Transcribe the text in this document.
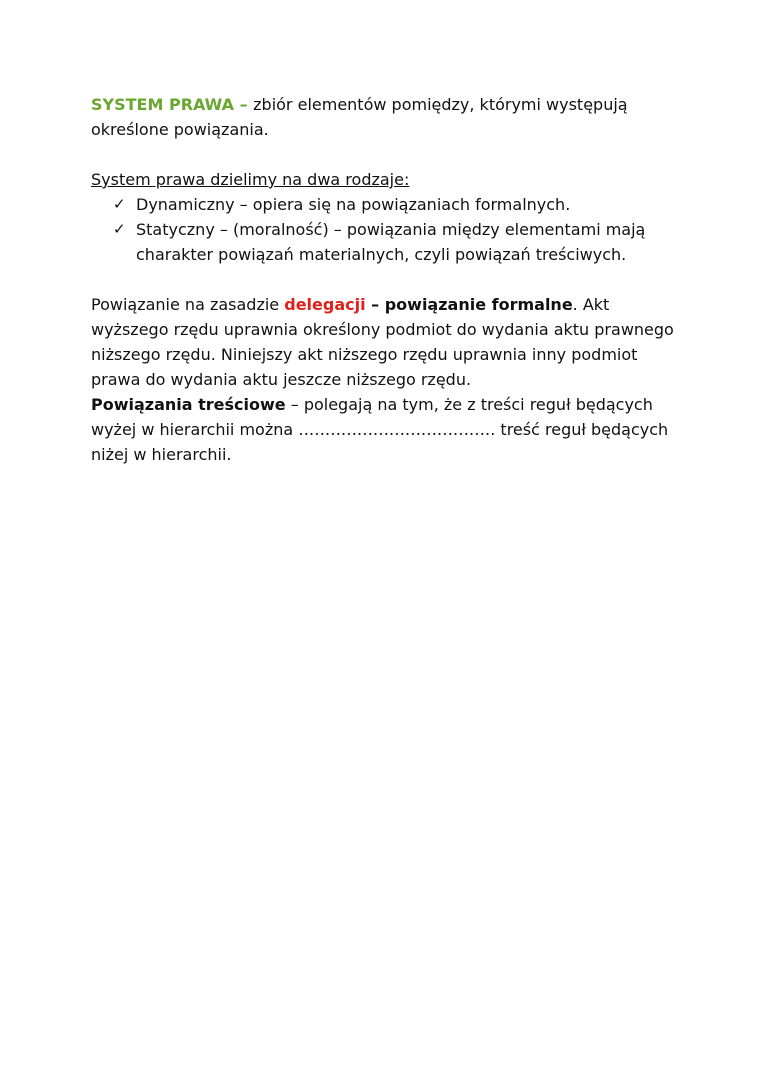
SYSTEM PRAWA – zbiór elementów pomiędzy, którymi występują określone powiązania.

System prawa dzielimy na dwa rodzaje:

✓ Dynamiczny – opiera się na powiązaniach formalnych.
✓ Statyczny – (moralność) – powiązania między elementami mają charakter powiązań materialnych, czyli powiązań treściwych.

Powiązanie na zasadzie delegacji – powiązanie formalne. Akt wyższego rzędu uprawnia określony podmiot do wydania aktu prawnego niższego rzędu. Niniejszy akt niższego rzędu uprawnia inny podmiot prawa do wydania aktu jeszcze niższego rzędu.

Powiązania treściowe – polegają na tym, że z treści reguł będących wyżej w hierarchii można ………………………………. treść reguł będących niżej w hierarchii.
